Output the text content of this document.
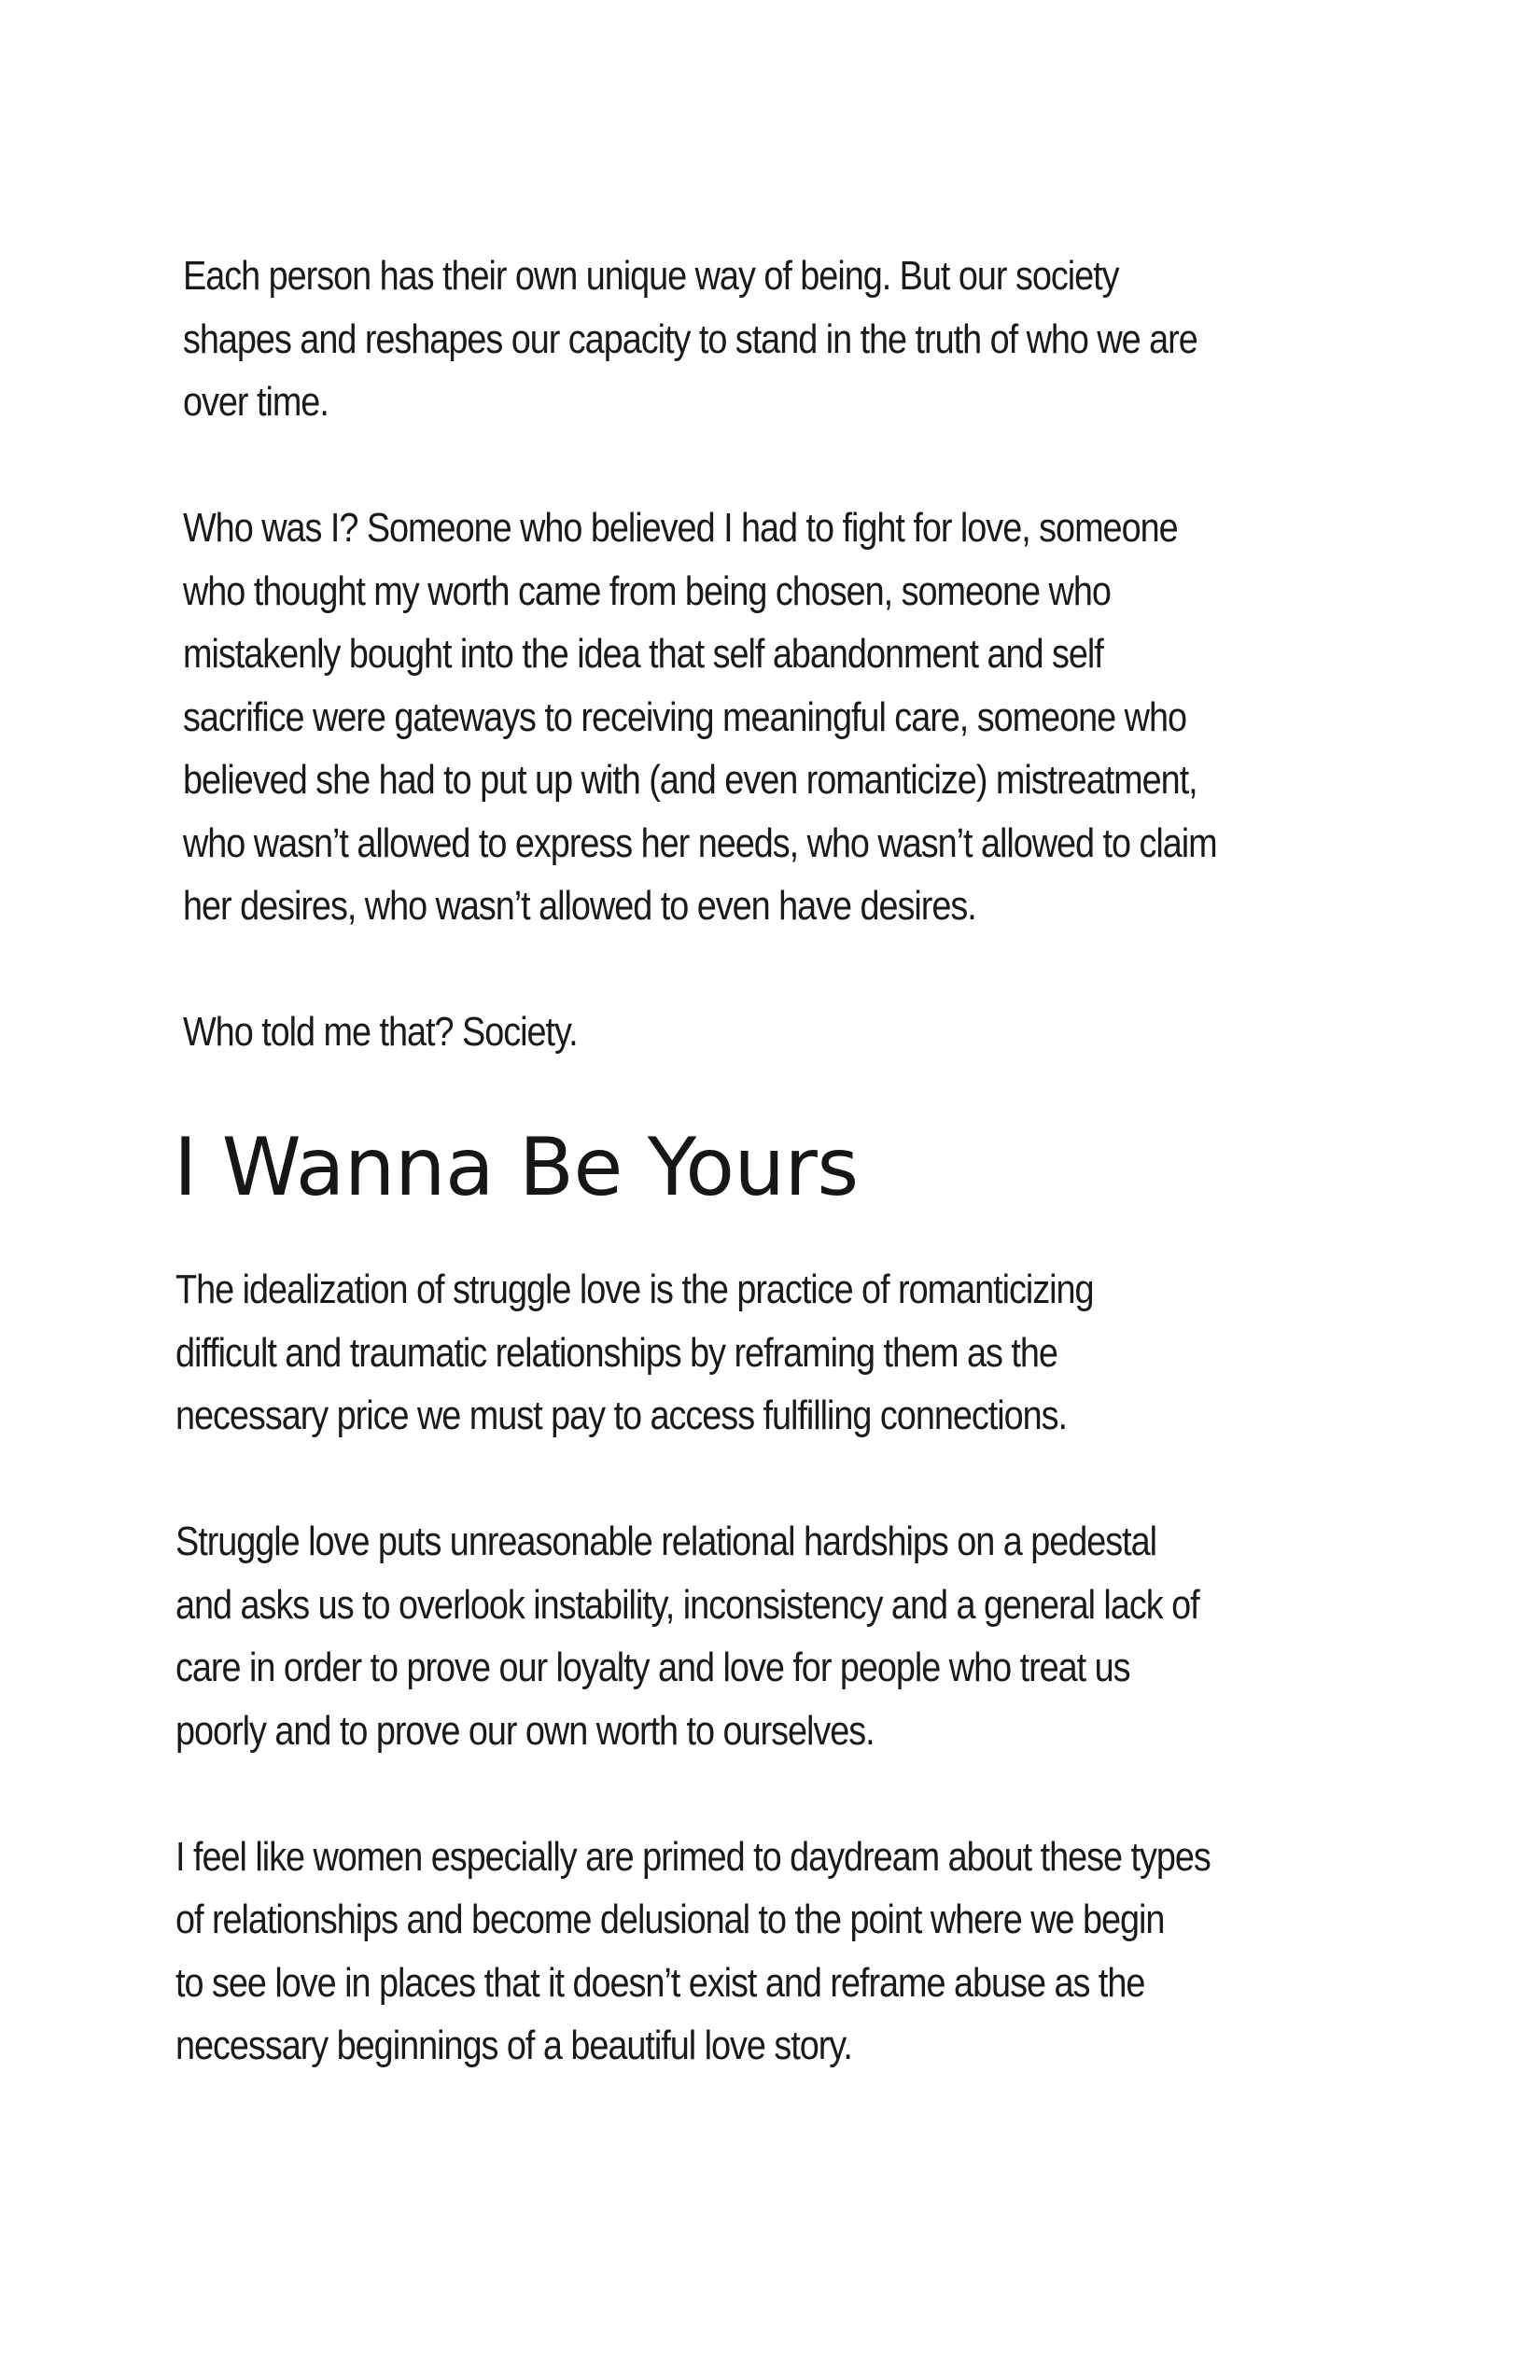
Each person has their own unique way of being. But our society
shapes and reshapes our capacity to stand in the truth of who we are
over time.

Who was I? Someone who believed I had to fight for love, someone
who thought my worth came from being chosen, someone who
mistakenly bought into the idea that self abandonment and self
sacrifice were gateways to receiving meaningful care, someone who
believed she had to put up with (and even romanticize) mistreatment,
who wasn’t allowed to express her needs, who wasn’t allowed to claim
her desires, who wasn’t allowed to even have desires.

Who told me that? Society.

I Wanna Be Yours

The idealization of struggle love is the practice of romanticizing
difficult and traumatic relationships by reframing them as the
necessary price we must pay to access fulfilling connections.

Struggle love puts unreasonable relational hardships on a pedestal
and asks us to overlook instability, inconsistency and a general lack of
care in order to prove our loyalty and love for people who treat us
poorly and to prove our own worth to ourselves.

I feel like women especially are primed to daydream about these types
of relationships and become delusional to the point where we begin
to see love in places that it doesn’t exist and reframe abuse as the
necessary beginnings of a beautiful love story.
